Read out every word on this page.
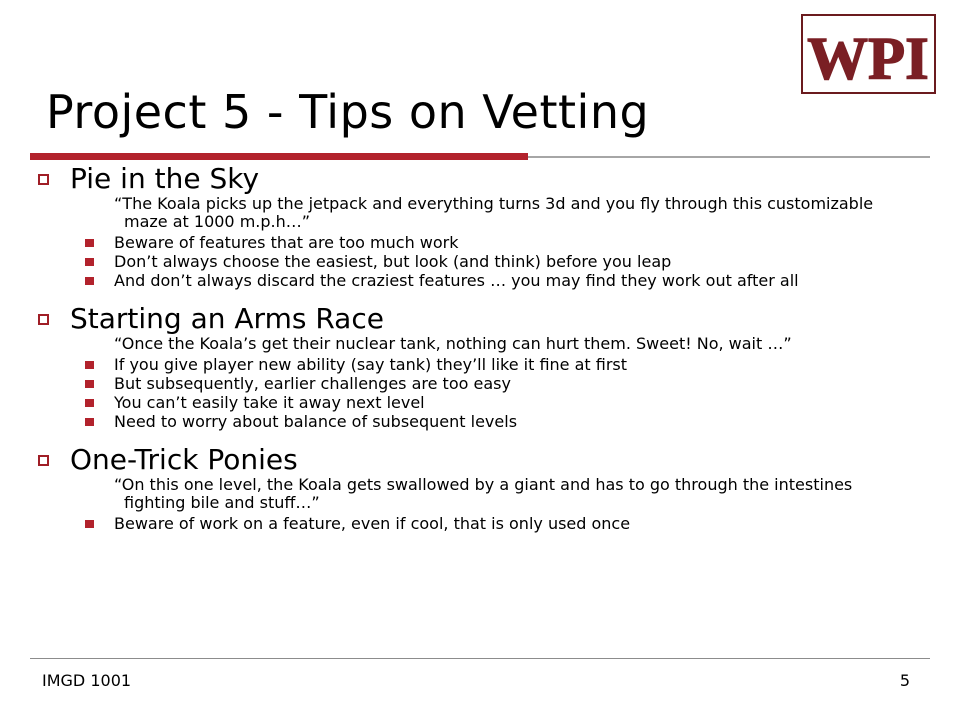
WPI
Project 5 - Tips on Vetting
Pie in the Sky
“The Koala picks up the jetpack and everything turns 3d and you fly through this customizable maze at 1000 m.p.h…”
Beware of features that are too much work
Don’t always choose the easiest, but look (and think) before you leap
And don’t always discard the craziest features … you may find they work out after all
Starting an Arms Race
“Once the Koala’s get their nuclear tank, nothing can hurt them. Sweet! No, wait …”
If you give player new ability (say tank) they’ll like it fine at first
But subsequently, earlier challenges are too easy
You can’t easily take it away next level
Need to worry about balance of subsequent levels
One-Trick Ponies
“On this one level, the Koala gets swallowed by a giant and has to go through the intestines fighting bile and stuff…”
Beware of work on a feature, even if cool, that is only used once
IMGD 1001	5
